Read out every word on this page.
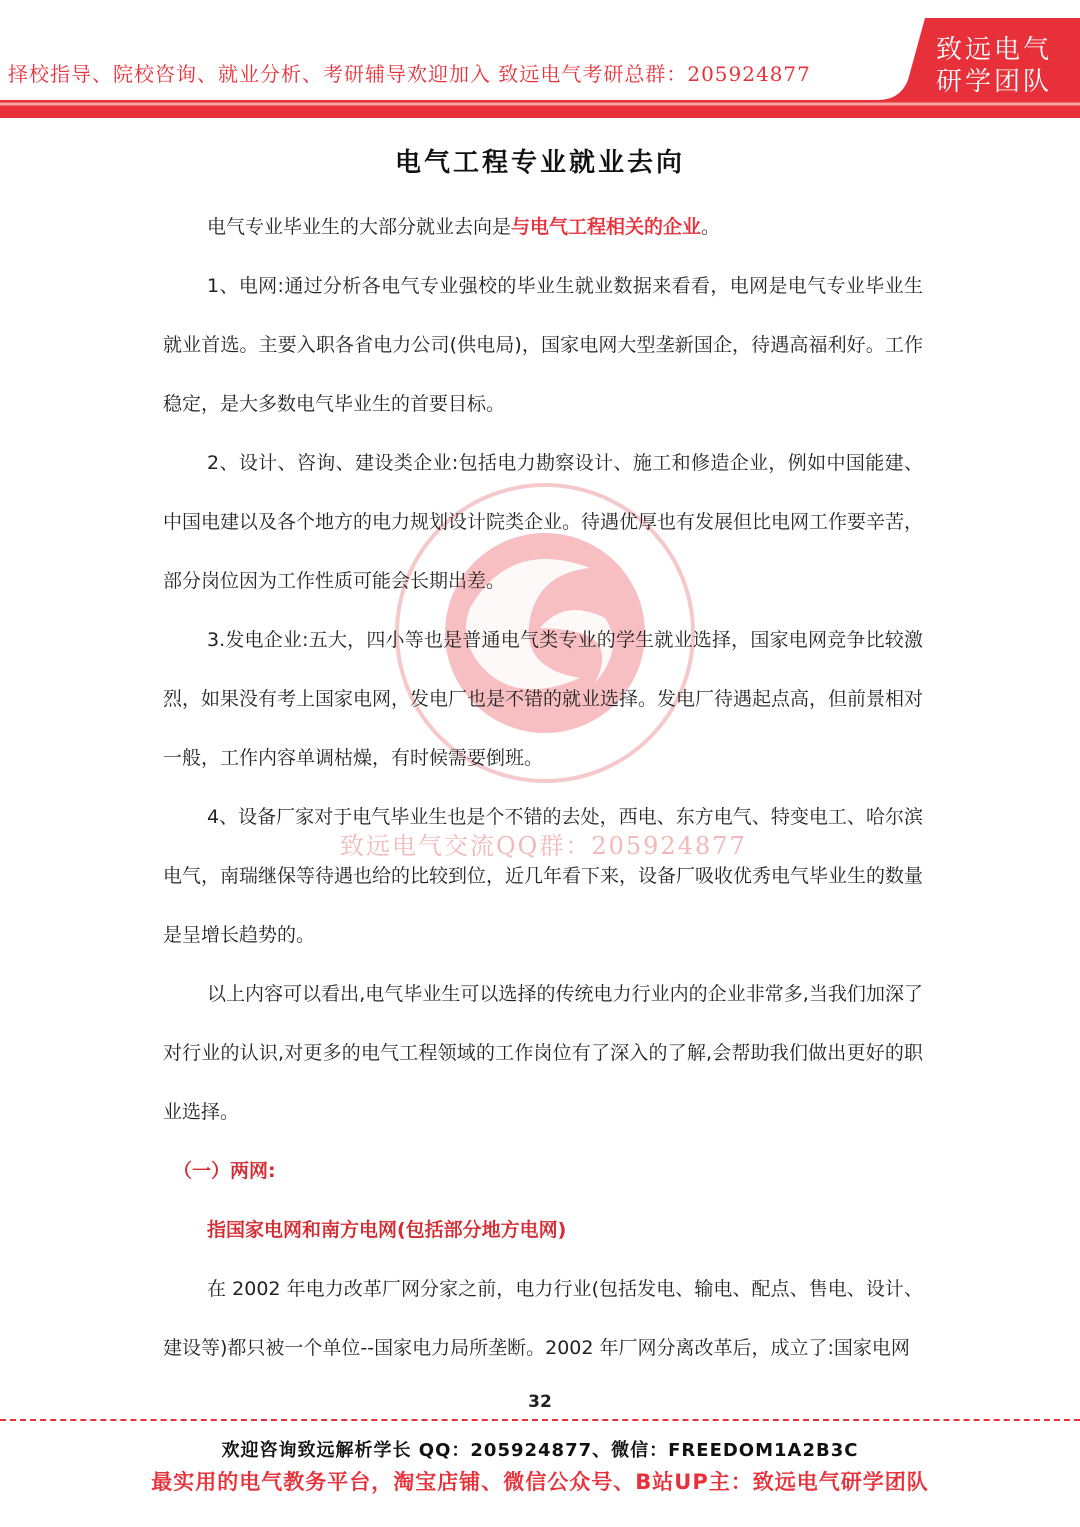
择校指导、院校咨询、就业分析、考研辅导欢迎加入 致远电气考研总群：205924877
致远电气
研学团队
致远电气交流QQ群：205924877
电气工程专业就业去向

电气专业毕业生的大部分就业去向是与电气工程相关的企业。

1、电网:通过分析各电气专业强校的毕业生就业数据来看看，电网是电气专业毕业生就业首选。主要入职各省电力公司(供电局)，国家电网大型垄新国企，待遇高福利好。工作稳定，是大多数电气毕业生的首要目标。

2、设计、咨询、建设类企业:包括电力勘察设计、施工和修造企业，例如中国能建、中国电建以及各个地方的电力规划设计院类企业。待遇优厚也有发展但比电网工作要辛苦，部分岗位因为工作性质可能会长期出差。

3.发电企业:五大，四小等也是普通电气类专业的学生就业选择，国家电网竞争比较激烈，如果没有考上国家电网，发电厂也是不错的就业选择。发电厂待遇起点高，但前景相对一般，工作内容单调枯燥，有时候需要倒班。

4、设备厂家对于电气毕业生也是个不错的去处，西电、东方电气、特变电工、哈尔滨电气，南瑞继保等待遇也给的比较到位，近几年看下来，设备厂吸收优秀电气毕业生的数量是呈增长趋势的。

以上内容可以看出,电气毕业生可以选择的传统电力行业内的企业非常多,当我们加深了对行业的认识,对更多的电气工程领域的工作岗位有了深入的了解,会帮助我们做出更好的职业选择。

（一）两网:
指国家电网和南方电网(包括部分地方电网)

在 2002 年电力改革厂网分家之前，电力行业(包括发电、输电、配点、售电、设计、建设等)都只被一个单位--国家电力局所垄断。2002 年厂网分离改革后，成立了:国家电网

32
欢迎咨询致远解析学长 QQ：205924877、微信：FREEDOM1A2B3C
最实用的电气教务平台，淘宝店铺、微信公众号、B站UP主：致远电气研学团队
